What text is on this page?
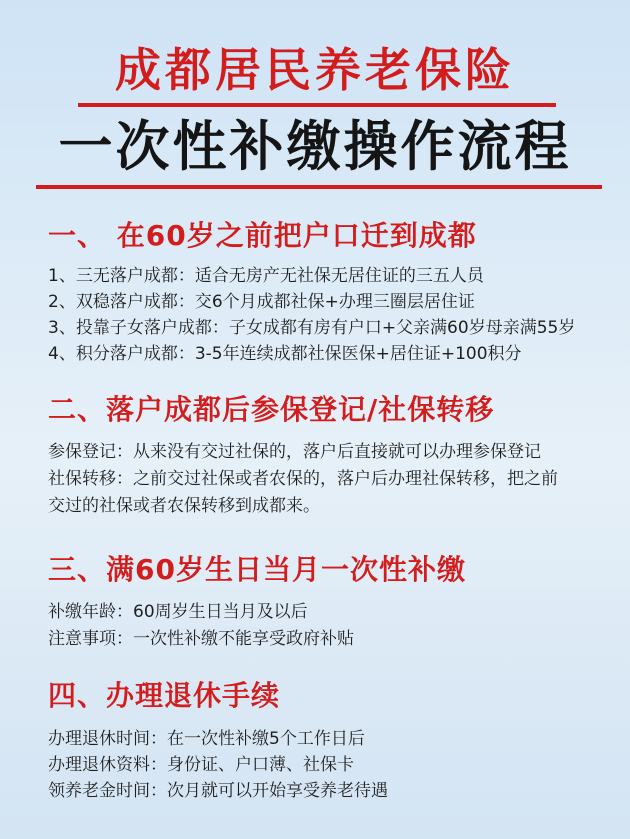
成都居民养老保险
一次性补缴操作流程
一、 在60岁之前把户口迁到成都
1、三无落户成都：适合无房产无社保无居住证的三五人员
2、双稳落户成都：交6个月成都社保+办理三圈层居住证
3、投靠子女落户成都：子女成都有房有户口+父亲满60岁母亲满55岁
4、积分落户成都：3-5年连续成都社保医保+居住证+100积分
二、落户成都后参保登记/社保转移
参保登记：从来没有交过社保的，落户后直接就可以办理参保登记
社保转移：之前交过社保或者农保的，落户后办理社保转移，把之前
交过的社保或者农保转移到成都来。
三、满60岁生日当月一次性补缴
补缴年龄：60周岁生日当月及以后
注意事项：一次性补缴不能享受政府补贴
四、办理退休手续
办理退休时间：在一次性补缴5个工作日后
办理退休资料：身份证、户口薄、社保卡
领养老金时间：次月就可以开始享受养老待遇
